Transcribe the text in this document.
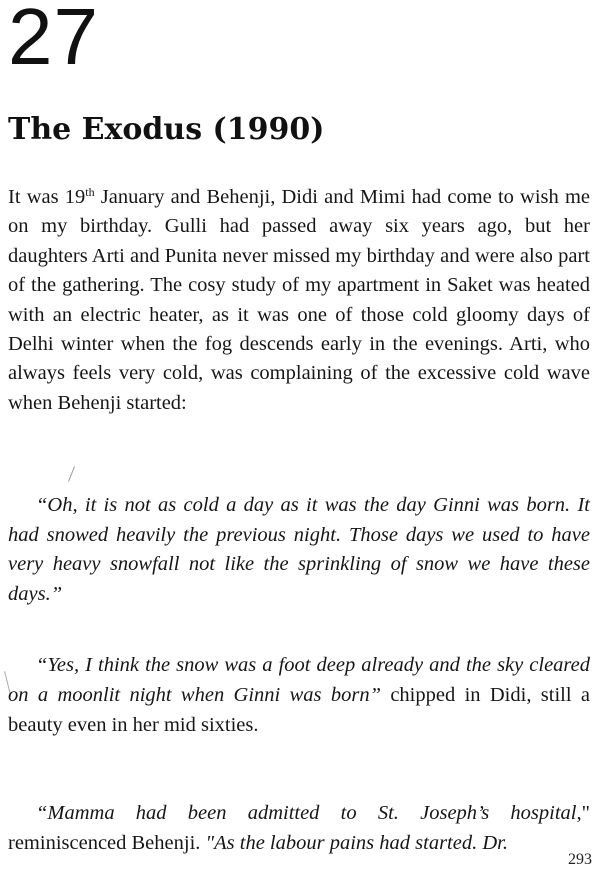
27
The Exodus (1990)

It was 19th January and Behenji, Didi and Mimi had come to wish me on my birthday. Gulli had passed away six years ago, but her daughters Arti and Punita never missed my birthday and were also part of the gathering. The cosy study of my apartment in Saket was heated with an electric heater, as it was one of those cold gloomy days of Delhi winter when the fog descends early in the evenings. Arti, who always feels very cold, was complaining of the excessive cold wave when Behenji started:

“Oh, it is not as cold a day as it was the day Ginni was born. It had snowed heavily the previous night. Those days we used to have very heavy snowfall not like the sprinkling of snow we have these days.”

“Yes, I think the snow was a foot deep already and the sky cleared on a moonlit night when Ginni was born” chipped in Didi, still a beauty even in her mid sixties.

“Mamma had been admitted to St. Joseph’s hospital," reminiscenced Behenji. "As the labour pains had started. Dr.

293
